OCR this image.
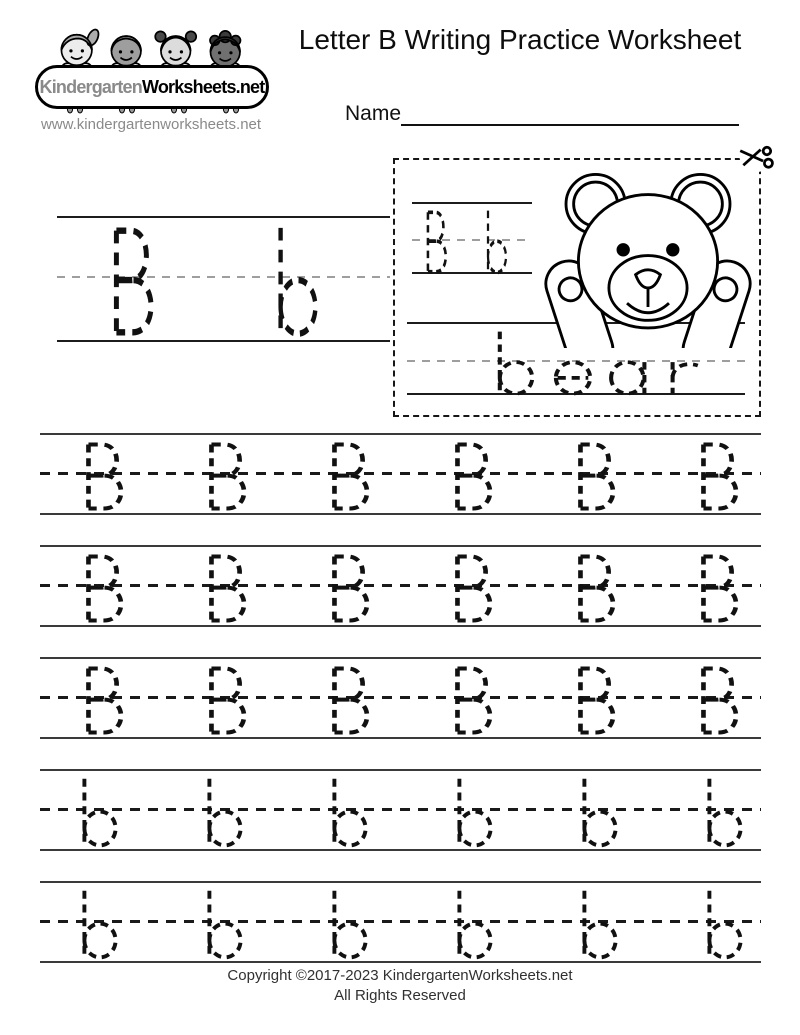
Kindergarten Worksheets.net
www.kindergartenworksheets.net
Letter B Writing Practice Worksheet
Name
Copyright ©2017-2023 KindergartenWorksheets.net
All Rights Reserved
